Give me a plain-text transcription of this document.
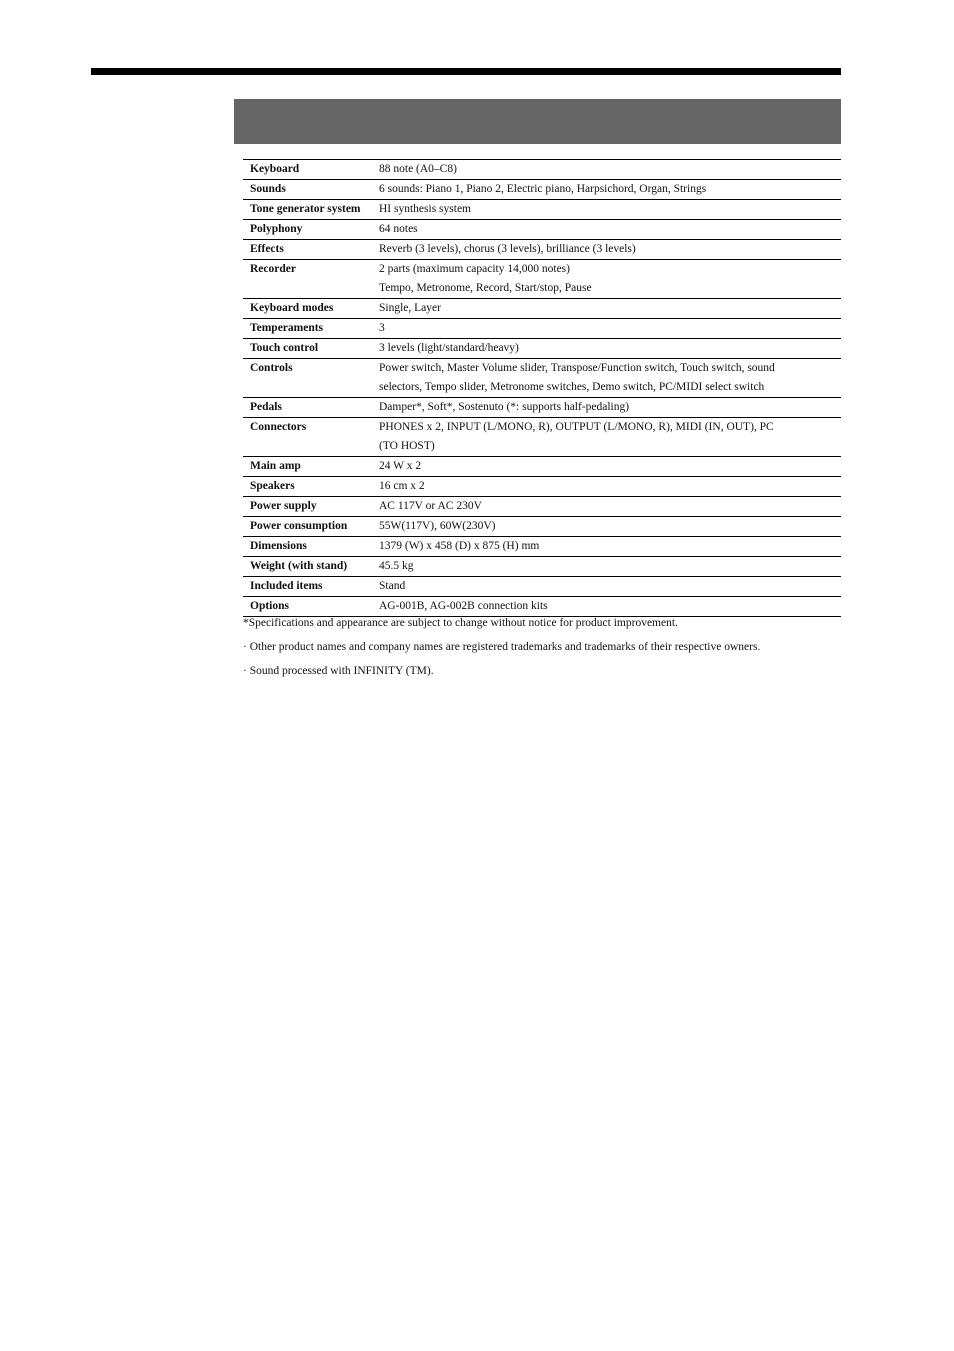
Keyboard	88 note (A0–C8)

Sounds	6 sounds: Piano 1, Piano 2, Electric piano, Harpsichord, Organ, Strings

Tone generator system	HI synthesis system

Polyphony	64 notes

Effects	Reverb (3 levels), chorus (3 levels), brilliance (3 levels)

Recorder	2 parts (maximum capacity 14,000 notes)
Tempo, Metronome, Record, Start/stop, Pause

Keyboard modes	Single, Layer

Temperaments	3

Touch control	3 levels (light/standard/heavy)

Controls	Power switch, Master Volume slider, Transpose/Function switch, Touch switch, sound
selectors, Tempo slider, Metronome switches, Demo switch, PC/MIDI select switch

Pedals	Damper*, Soft*, Sostenuto (*: supports half-pedaling)

Connectors	PHONES x 2, INPUT (L/MONO, R), OUTPUT (L/MONO, R), MIDI (IN, OUT), PC
(TO HOST)

Main amp	24 W x 2

Speakers	16 cm x 2

Power supply	AC 117V or AC 230V

Power consumption	55W(117V), 60W(230V)

Dimensions	1379 (W) x 458 (D) x 875 (H) mm

Weight (with stand)	45.5 kg

Included items	Stand

Options	AG-001B, AG-002B connection kits

*Specifications and appearance are subject to change without notice for product improvement.

· Other product names and company names are registered trademarks and trademarks of their respective owners.

· Sound processed with INFINITY (TM).
